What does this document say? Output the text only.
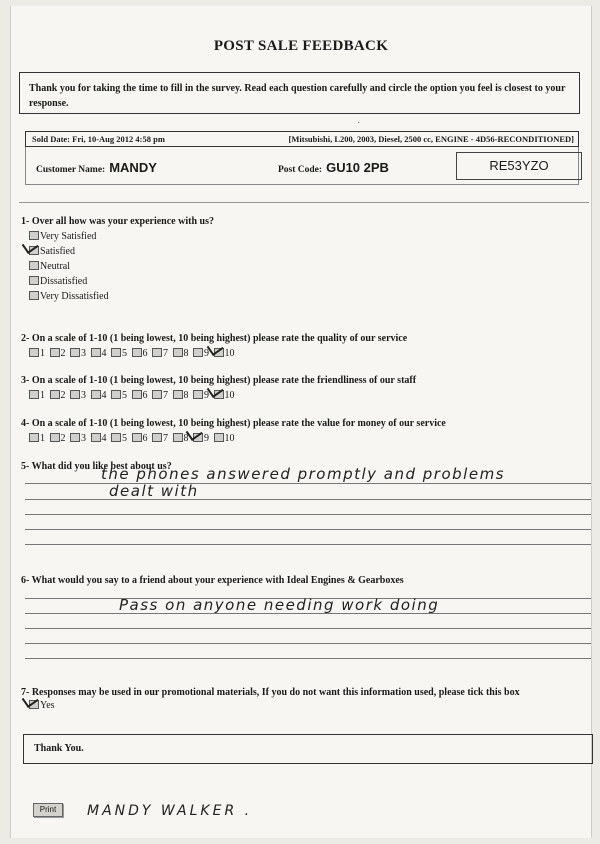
POST SALE FEEDBACK
Thank you for taking the time to fill in the survey. Read each question carefully and circle the option you feel is closest to your response.
·
Sold Date: Fri, 10-Aug 2012 4:58 pm	[Mitsubishi, L200, 2003, Diesel, 2500 cc, ENGINE - 4D56-RECONDITIONED]
Customer Name: MANDY	Post Code: GU10 2PB	RE53YZO
1- Over all how was your experience with us?
Very Satisfied
Satisfied
Neutral
Dissatisfied
Very Dissatisfied
2- On a scale of 1-10 (1 being lowest, 10 being highest) please rate the quality of our service
1 2 3 4 5 6 7 8 9 10
3- On a scale of 1-10 (1 being lowest, 10 being highest) please rate the friendliness of our staff
1 2 3 4 5 6 7 8 9 10
4- On a scale of 1-10 (1 being lowest, 10 being highest) please rate the value for money of our service
1 2 3 4 5 6 7 8 9 10
5- What did you like best about us?
the phones answered promptly and problems
dealt with
6- What would you say to a friend about your experience with Ideal Engines & Gearboxes
Pass on anyone needing work doing
7- Responses may be used in our promotional materials, If you do not want this information used, please tick this box
Yes
Thank You.
Print	MANDY WALKER .
